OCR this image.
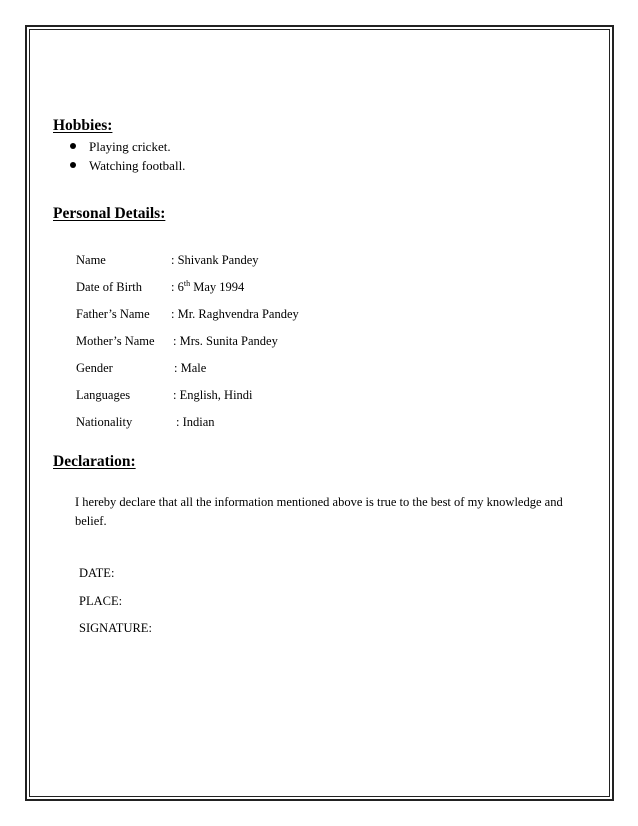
Hobbies:
Playing cricket.
Watching football.
Personal Details:
Name	: Shivank Pandey
Date of Birth : 6th May 1994
Father’s Name : Mr. Raghvendra Pandey
Mother’s Name : Mrs. Sunita Pandey
Gender	: Male
Languages	: English, Hindi
Nationality	: Indian
Declaration:

I hereby declare that all the information mentioned above is true to the best of my knowledge and belief.

DATE:
PLACE:
SIGNATURE:
